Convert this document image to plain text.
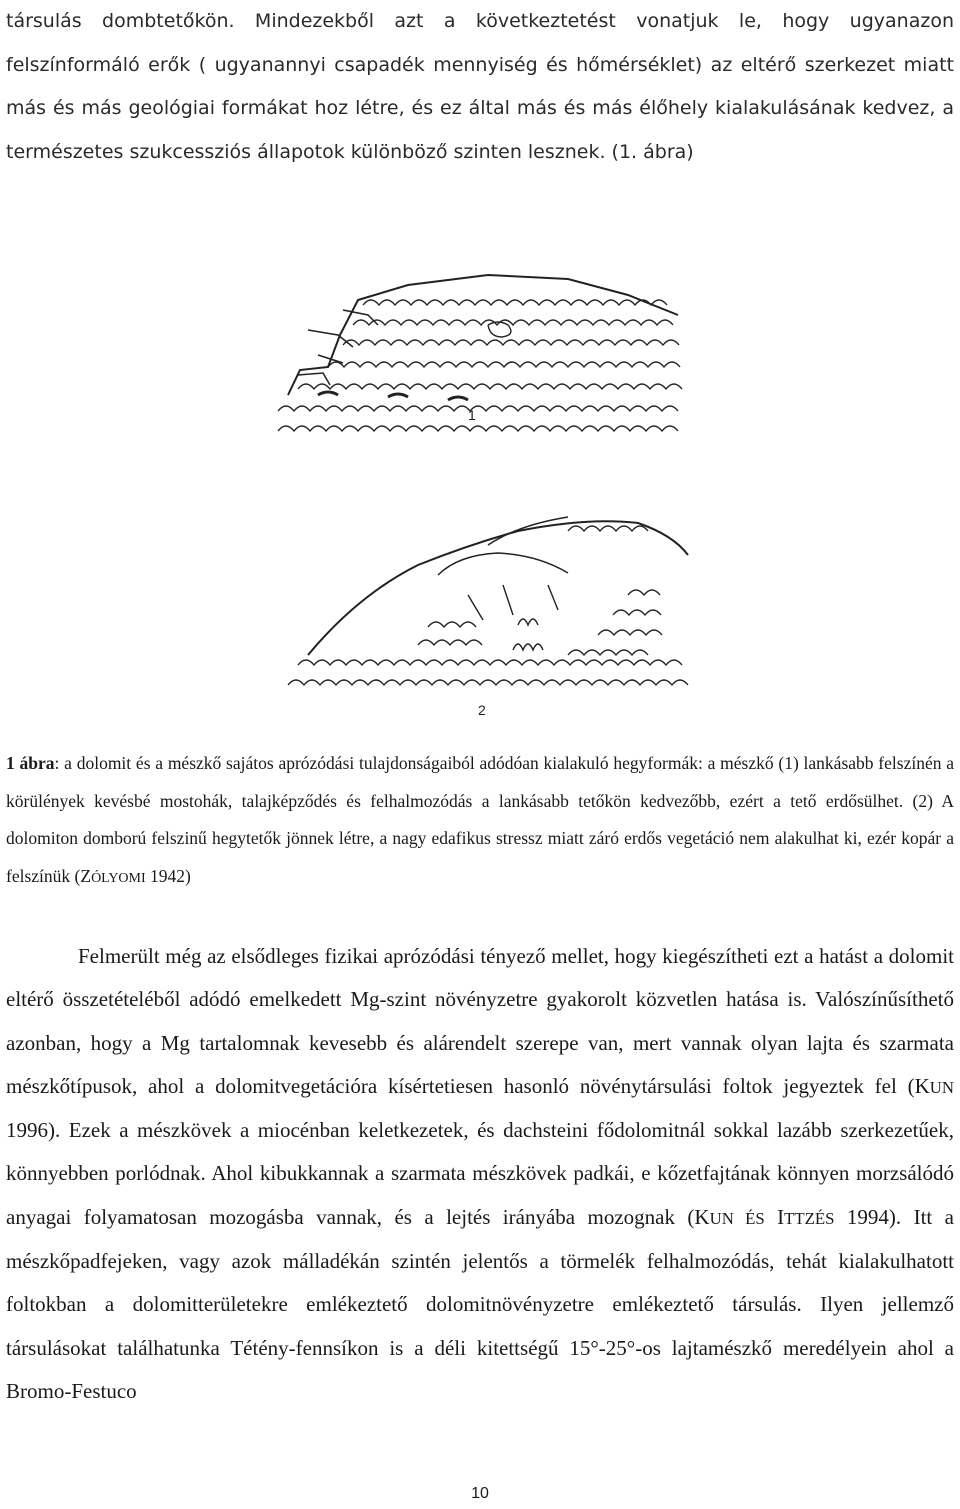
társulás dombtetőkön. Mindezekből azt a következtetést vonatjuk le, hogy ugyanazon felszínformáló erők ( ugyanannyi csapadék mennyiség és hőmérséklet) az eltérő szerkezet miatt más és más geológiai formákat hoz létre, és ez által más és más élőhely kialakulásának kedvez, a természetes szukcessziós állapotok különböző szinten lesznek. (1. ábra)

1
2

1 ábra: a dolomit és a mészkő sajátos aprózódási tulajdonságaiból adódóan kialakuló hegyformák: a mészkő (1) lankásabb felszínén a körülények kevésbé mostohák, talajképződés és felhalmozódás a lankásabb tetőkön kedvezőbb, ezért a tető erdősülhet. (2) A dolomiton domború felszinű hegytetők jönnek létre, a nagy edafikus stressz miatt záró erdős vegetáció nem alakulhat ki, ezér kopár a felszínük (ZÓLYOMI 1942)

Felmerült még az elsődleges fizikai aprózódási tényező mellet, hogy kiegészítheti ezt a hatást a dolomit eltérő összetételéből adódó emelkedett Mg-szint növényzetre gyakorolt közvetlen hatása is. Valószínűsíthető azonban, hogy a Mg tartalomnak kevesebb és alárendelt szerepe van, mert vannak olyan lajta és szarmata mészkőtípusok, ahol a dolomitvegetációra kísértetiesen hasonló növénytársulási foltok jegyeztek fel (KUN 1996). Ezek a mészkövek a miocénban keletkezetek, és dachsteini fődolomitnál sokkal lazább szerkezetűek, könnyebben porlódnak. Ahol kibukkannak a szarmata mészkövek padkái, e kőzetfajtának könnyen morzsálódó anyagai folyamatosan mozogásba vannak, és a lejtés irányába mozognak (KUN ÉS ITTZÉS 1994). Itt a mészkőpadfejeken, vagy azok málladékán szintén jelentős a törmelék felhalmozódás, tehát kialakulhatott foltokban a dolomitterületekre emlékeztető dolomitnövényzetre emlékeztető társulás. Ilyen jellemző társulásokat találhatunka Tétény-fennsíkon is a déli kitettségű 15°-25°-os lajtamészkő meredélyein ahol a Bromo-Festuco

10
